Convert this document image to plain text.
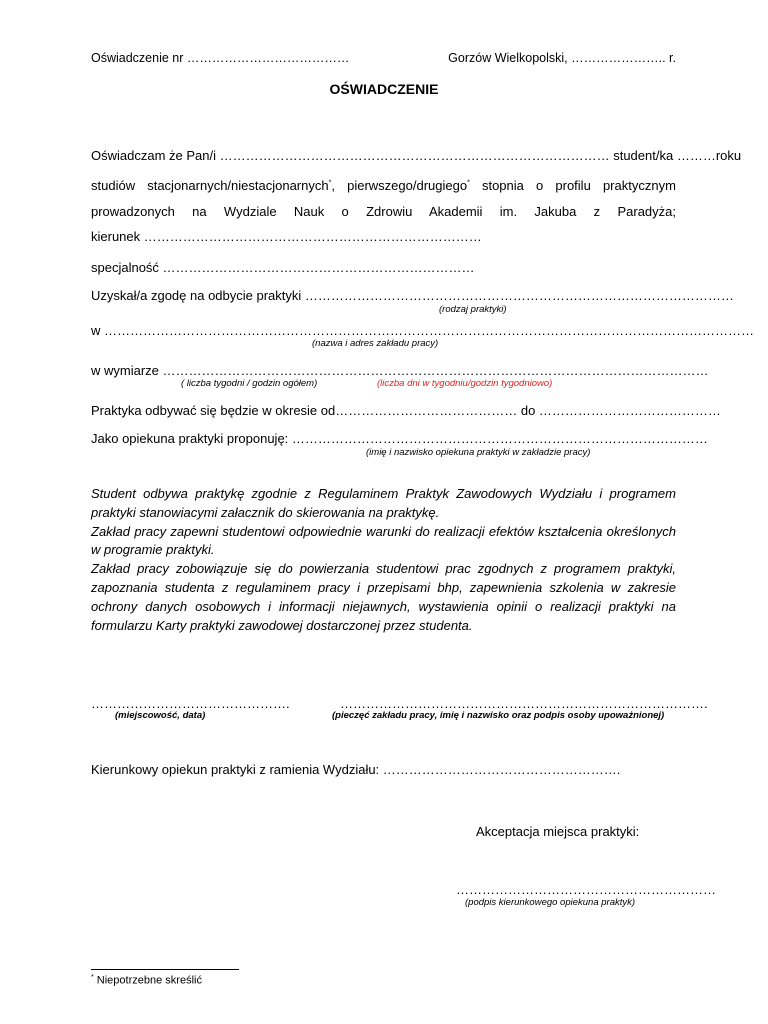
Oświadczenie nr …………………………………	Gorzów Wielkopolski, ………………….. r.
OŚWIADCZENIE
Oświadczam że Pan/i ……………………………………………………………………………… student/ka ………roku
studiów stacjonarnych/niestacjonarnych*, pierwszego/drugiego* stopnia o profilu praktycznym
prowadzonych na Wydziale Nauk o Zdrowiu Akademii im. Jakuba z Paradyża;
kierunek ……………………………………………………………………
specjalność ………………………………………………………………
Uzyskał/a zgodę na odbycie praktyki ………………………………………………………………………………………
(rodzaj praktyki)
w ……………………………………………………………………………………………………………………………………
(nazwa i adres zakładu pracy)
w wymiarze ………………………………………………………………………………………………………………
( liczba tygodni / godzin ogółem)	(liczba dni w tygodniu/godzin tygodniowo)
Praktyka odbywać się będzie w okresie od…………………………………… do ……………………………………
Jako opiekuna praktyki proponuję: ……………………………………………………………………………………
(imię i nazwisko opiekuna praktyki w zakładzie pracy)
Student odbywa praktykę zgodnie z Regulaminem Praktyk Zawodowych Wydziału i programem
praktyki stanowiacymi załacznik do skierowania na praktykę.
Zakład pracy zapewni studentowi odpowiednie warunki do realizacji efektów kształcenia określonych
w programie praktyki.
Zakład pracy zobowiązuje się do powierzania studentowi prac zgodnych z programem praktyki,
zapoznania studenta z regulaminem pracy i przepisami bhp, zapewnienia szkolenia w zakresie
ochrony danych osobowych i informacji niejawnych, wystawienia opinii o realizacji praktyki na
formularzu Karty praktyki zawodowej dostarczonej przez studenta.
……………………………………….
(miejscowość, data)
………………………………………………………………………….
(pieczęć zakładu pracy, imię i nazwisko oraz podpis osoby upoważnionej)
Kierunkowy opiekun praktyki z ramienia Wydziału: ……………………………………………….
Akceptacja miejsca praktyki:
……………………………………………………
(podpis kierunkowego opiekuna praktyk)
* Niepotrzebne skreślić
